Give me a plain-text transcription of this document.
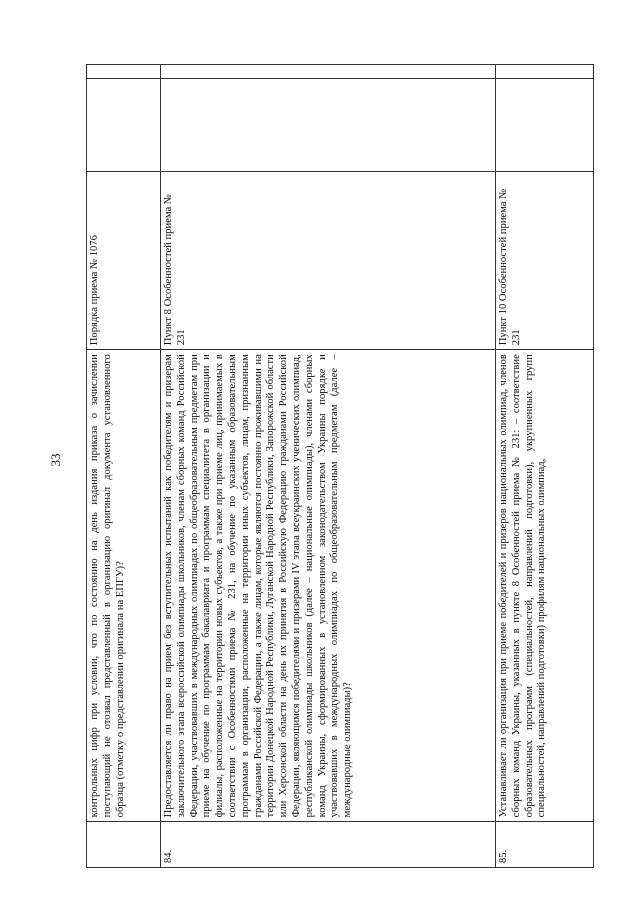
33
	контрольных цифр при условии, что по состоянию на день издания приказа о зачислении поступающий не отозвал представленный в организацию оригинал документа установленного образца (отметку о представлении оригинала на ЕПГУ)?	Порядка приема № 1076		
84.	Предоставляется ли право на прием без вступительных испытаний как победителям и призерам заключительного этапа всероссийской олимпиады школьников, членам сборных команд Российской Федерации, участвовавших в международных олимпиадах по общеобразовательным предметам при приеме на обучение по программам бакалавриата и программам специалитета в организации и филиалы, расположенные на территории новых субъектов, а также при приеме лиц, принимаемых в соответствии с Особенностями приема № 231, на обучение по указанным образовательным программам в организации, расположенные на территории иных субъектов, лицам, признанным гражданами Российской Федерации, а также лицам, которые являются постоянно проживавшими на территории Донецкой Народной Республики, Луганской Народной Республики, Запорожской области или Херсонской области на день их принятия в Российскую Федерацию гражданами Российской Федерации, являющимся победителями и призерами IV этапа всеукраинских ученических олимпиад, республиканской олимпиады школьников (далее – национальные олимпиады), членами сборных команд Украины, сформированных в установленном законодательством Украины порядке и участвовавших в международных олимпиадах по общеобразовательным предметам (далее – международные олимпиады)?	Пункт 8 Особенностей приема № 231		
85.	Устанавливает ли организация при приеме победителей и призеров национальных олимпиад, членов сборных команд Украины, указанных в пункте 8 Особенностей приема № 231: – соответствие образовательных программ (специальностей, направлений подготовки), укрупненных групп специальностей, направлений подготовки) профилям национальных олимпиад,	Пункт 10 Особенностей приема № 231		
